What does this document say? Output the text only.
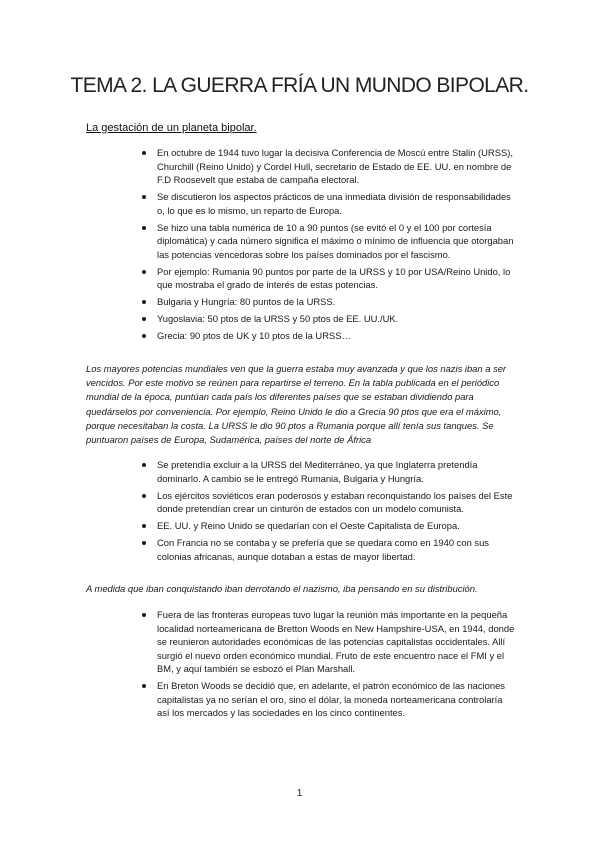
TEMA 2. LA GUERRA FRÍA UN MUNDO BIPOLAR.

La gestación de un planeta bipolar.

En octubre de 1944 tuvo lugar la decisiva Conferencia de Moscú entre Stalin (URSS), Churchill (Reino Unido) y Cordel Hull, secretario de Estado de EE. UU. en nombre de F.D Roosevelt que estaba de campaña electoral.
Se discutieron los aspectos prácticos de una inmediata división de responsabilidades o, lo que es lo mismo, un reparto de Europa.
Se hizo una tabla numérica de 10 a 90 puntos (se evitó el 0 y el 100 por cortesía diplomática) y cada número significa el máximo o mínimo de influencia que otorgaban las potencias vencedoras sobre los países dominados por el fascismo.
Por ejemplo: Rumania 90 puntos por parte de la URSS y 10 por USA/Reino Unido, lo que mostraba el grado de interés de estas potencias.
Bulgaria y Hungría: 80 puntos de la URSS.
Yugoslavia: 50 ptos de la URSS y 50 ptos de EE. UU./UK.
Grecia: 90 ptos de UK y 10 ptos de la URSS…

Los mayores potencias mundiales ven que la guerra estaba muy avanzada y que los nazis iban a ser vencidos. Por este motivo se reúnen para repartirse el terreno. En la tabla publicada en el periódico mundial de la época, puntúan cada país los diferentes países que se estaban dividiendo para quedárselos por conveniencia. Por ejemplo, Reino Unido le dio a Grecia 90 ptos que era el máximo, porque necesitaban la costa. La URSS le dio 90 ptos a Rumania porque allí tenía sus tanques. Se puntuaron países de Europa, Sudamérica, países del norte de África

Se pretendía excluir a la URSS del Mediterráneo, ya que Inglaterra pretendía dominarlo. A cambio se le entregó Rumania, Bulgaria y Hungría.
Los ejércitos soviéticos eran poderosos y estaban reconquistando los países del Este donde pretendían crear un cinturón de estados con un modelo comunista.
EE. UU. y Reino Unido se quedarían con el Oeste Capitalista de Europa.
Con Francia no se contaba y se prefería que se quedara como en 1940 con sus colonias africanas, aunque dotaban a estas de mayor libertad.

A medida que iban conquistando iban derrotando el nazismo, iba pensando en su distribución.

Fuera de las fronteras europeas tuvo lugar la reunión más importante en la pequeña localidad norteamericana de Bretton Woods en New Hampshire-USA, en 1944, donde se reunieron autoridades económicas de las potencias capitalistas occidentales. Allí surgió el nuevo orden económico mundial. Fruto de este encuentro nace el FMI y el BM, y aquí también se esbozó el Plan Marshall.
En Breton Woods se decidió que, en adelante, el patrón económico de las naciones capitalistas ya no serían el oro, sino el dólar, la moneda norteamericana controlaría así los mercados y las sociedades en los cinco continentes.
1
